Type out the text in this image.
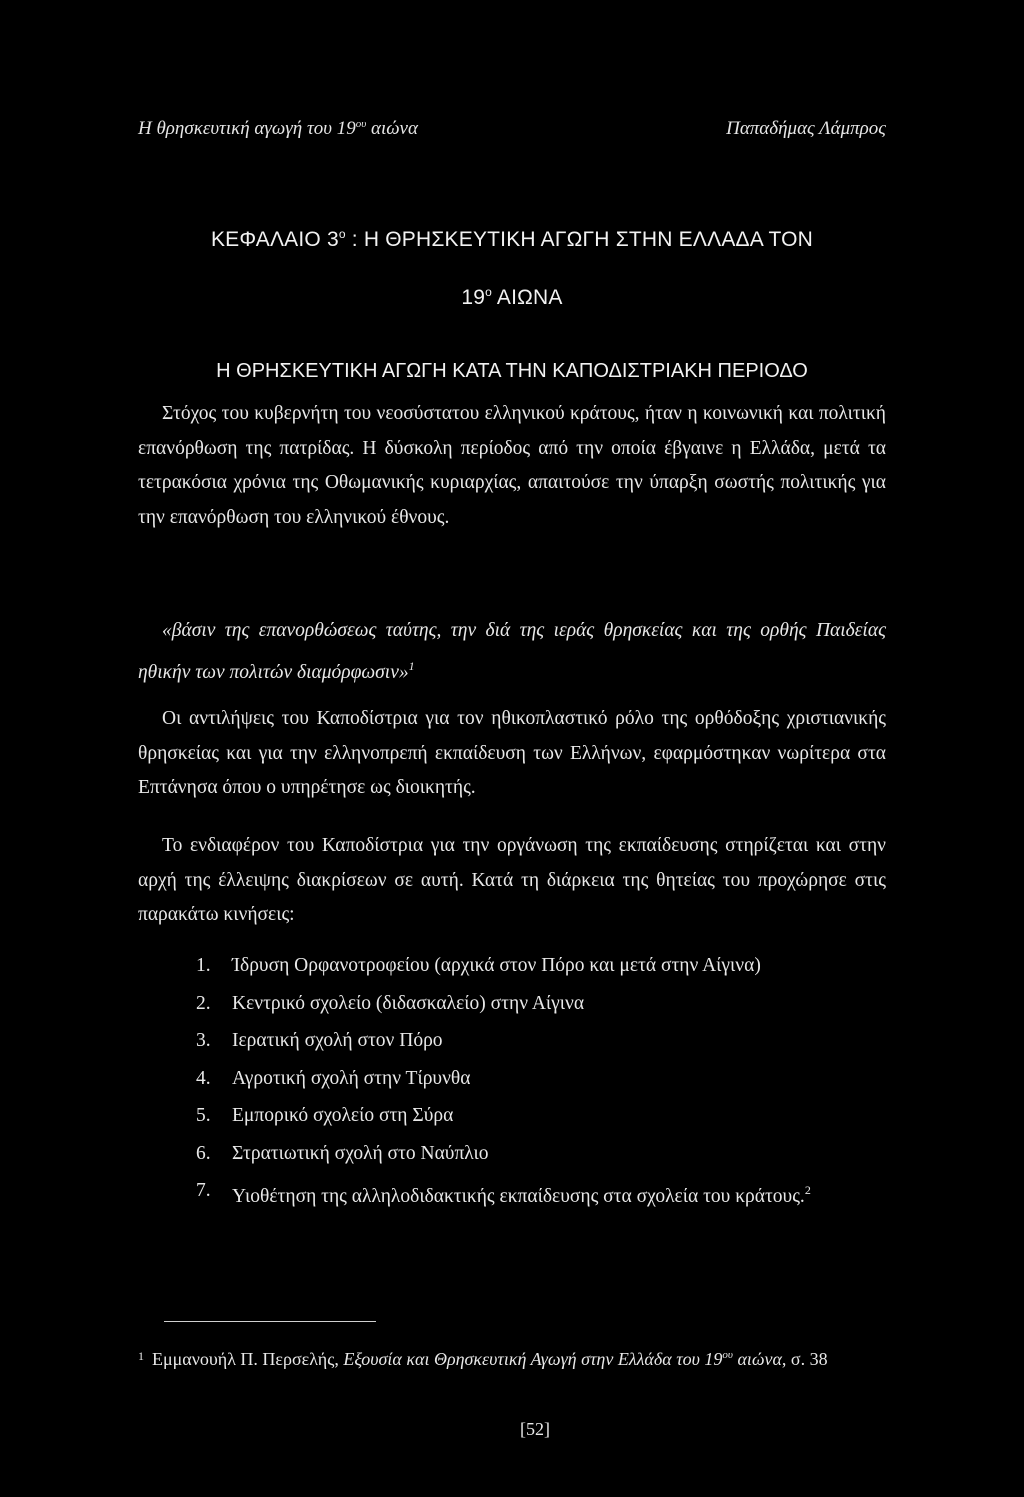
Η θρησκευτική αγωγή του $19^{o\upsilon}$ αιώνα	Παπαδήμας Λάμπρος
ΚΕΦΑΛΑΙΟ $3^o$ : Η ΘΡΗΣΚΕΥΤΙΚΗ ΑΓΩΓΗ ΣΤΗΝ ΕΛΛΑΔΑ ΤΟΝ
$19^o$ ΑΙΩΝΑ
Η ΘΡΗΣΚΕΥΤΙΚΗ ΑΓΩΓΗ ΚΑΤΑ ΤΗΝ ΚΑΠΟΔΙΣΤΡΙΑΚΗ ΠΕΡΙΟΔΟ
Στόχος του κυβερνήτη του νεοσύστατου ελληνικού κράτους, ήταν η κοινωνική και πολιτική επανόρθωση της πατρίδας. Η δύσκολη περίοδος από την οποία έβγαινε η Ελλάδα, μετά τα τετρακόσια χρόνια της Οθωμανικής κυριαρχίας, απαιτούσε την ύπαρξη σωστής πολιτικής για την επανόρθωση του ελληνικού έθνους.
«βάσιν της επανορθώσεως ταύτης, την διά της ιεράς θρησκείας και της ορθής Παιδείας ηθικήν των πολιτών διαμόρφωσιν»$^1$
Οι αντιλήψεις του Καποδίστρια για τον ηθικοπλαστικό ρόλο της ορθόδοξης χριστιανικής θρησκείας και για την ελληνοπρεπή εκπαίδευση των Ελλήνων, εφαρμόστηκαν νωρίτερα στα Επτάνησα όπου ο υπηρέτησε ως διοικητής.
Το ενδιαφέρον του Καποδίστρια για την οργάνωση της εκπαίδευσης στηρίζεται και στην αρχή της έλλειψης διακρίσεων σε αυτή. Κατά τη διάρκεια της θητείας του προχώρησε στις παρακάτω κινήσεις:
1. Ίδρυση Ορφανοτροφείου (αρχικά στον Πόρο και μετά στην Αίγινα)
2. Κεντρικό σχολείο (διδασκαλείο) στην Αίγινα
3. Ιερατική σχολή στον Πόρο
4. Αγροτική σχολή στην Τίρυνθα
5. Εμπορικό σχολείο στη Σύρα
6. Στρατιωτική σχολή στο Ναύπλιο
7. Υιοθέτηση της αλληλοδιδακτικής εκπαίδευσης στα σχολεία του κράτους.$^2$
$^1$ Εμμανουήλ Π. Περσελής, Εξουσία και Θρησκευτική Αγωγή στην Ελλάδα του $19^{o\upsilon}$ αιώνα, σ. 38
[52]
